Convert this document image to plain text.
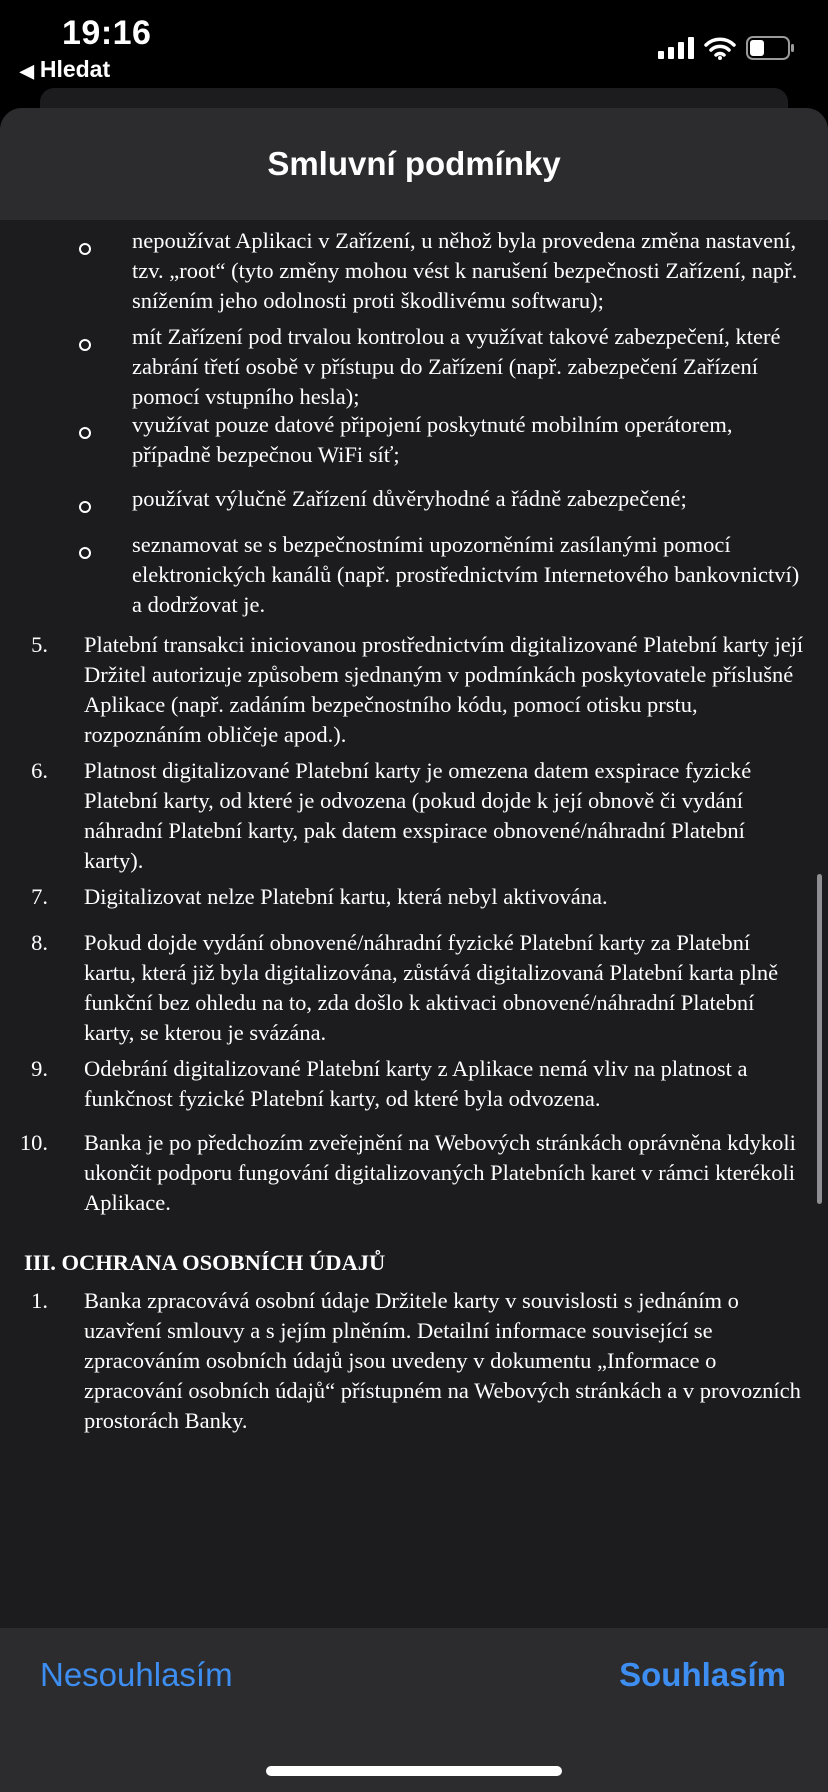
19:16
◀ Hledat
Smluvní podmínky
nepoužívat Aplikaci v Zařízení, u něhož byla provedena změna nastavení, tzv. „root“ (tyto změny mohou vést k narušení bezpečnosti Zařízení, např. snížením jeho odolnosti proti škodlivému softwaru);
mít Zařízení pod trvalou kontrolou a využívat takové zabezpečení, které zabrání třetí osobě v přístupu do Zařízení (např. zabezpečení Zařízení pomocí vstupního hesla);
využívat pouze datové připojení poskytnuté mobilním operátorem, případně bezpečnou WiFi síť;
používat výlučně Zařízení důvěryhodné a řádně zabezpečené;
seznamovat se s bezpečnostními upozorněními zasílanými pomocí elektronických kanálů (např. prostřednictvím Internetového bankovnictví) a dodržovat je.
5. Platební transakci iniciovanou prostřednictvím digitalizované Platební karty její Držitel autorizuje způsobem sjednaným v podmínkách poskytovatele příslušné Aplikace (např. zadáním bezpečnostního kódu, pomocí otisku prstu, rozpoznáním obličeje apod.).
6. Platnost digitalizované Platební karty je omezena datem exspirace fyzické Platební karty, od které je odvozena (pokud dojde k její obnově či vydání náhradní Platební karty, pak datem exspirace obnovené/náhradní Platební karty).
7. Digitalizovat nelze Platební kartu, která nebyl aktivována.
8. Pokud dojde vydání obnovené/náhradní fyzické Platební karty za Platební kartu, která již byla digitalizována, zůstává digitalizovaná Platební karta plně funkční bez ohledu na to, zda došlo k aktivaci obnovené/náhradní Platební karty, se kterou je svázána.
9. Odebrání digitalizované Platební karty z Aplikace nemá vliv na platnost a funkčnost fyzické Platební karty, od které byla odvozena.
10. Banka je po předchozím zveřejnění na Webových stránkách oprávněna kdykoli ukončit podporu fungování digitalizovaných Platebních karet v rámci kterékoli Aplikace.
III. OCHRANA OSOBNÍCH ÚDAJŮ
1. Banka zpracovává osobní údaje Držitele karty v souvislosti s jednáním o uzavření smlouvy a s jejím plněním. Detailní informace související se zpracováním osobních údajů jsou uvedeny v dokumentu „Informace o zpracování osobních údajů“ přístupném na Webových stránkách a v provozních prostorách Banky.
Nesouhlasím	Souhlasím
